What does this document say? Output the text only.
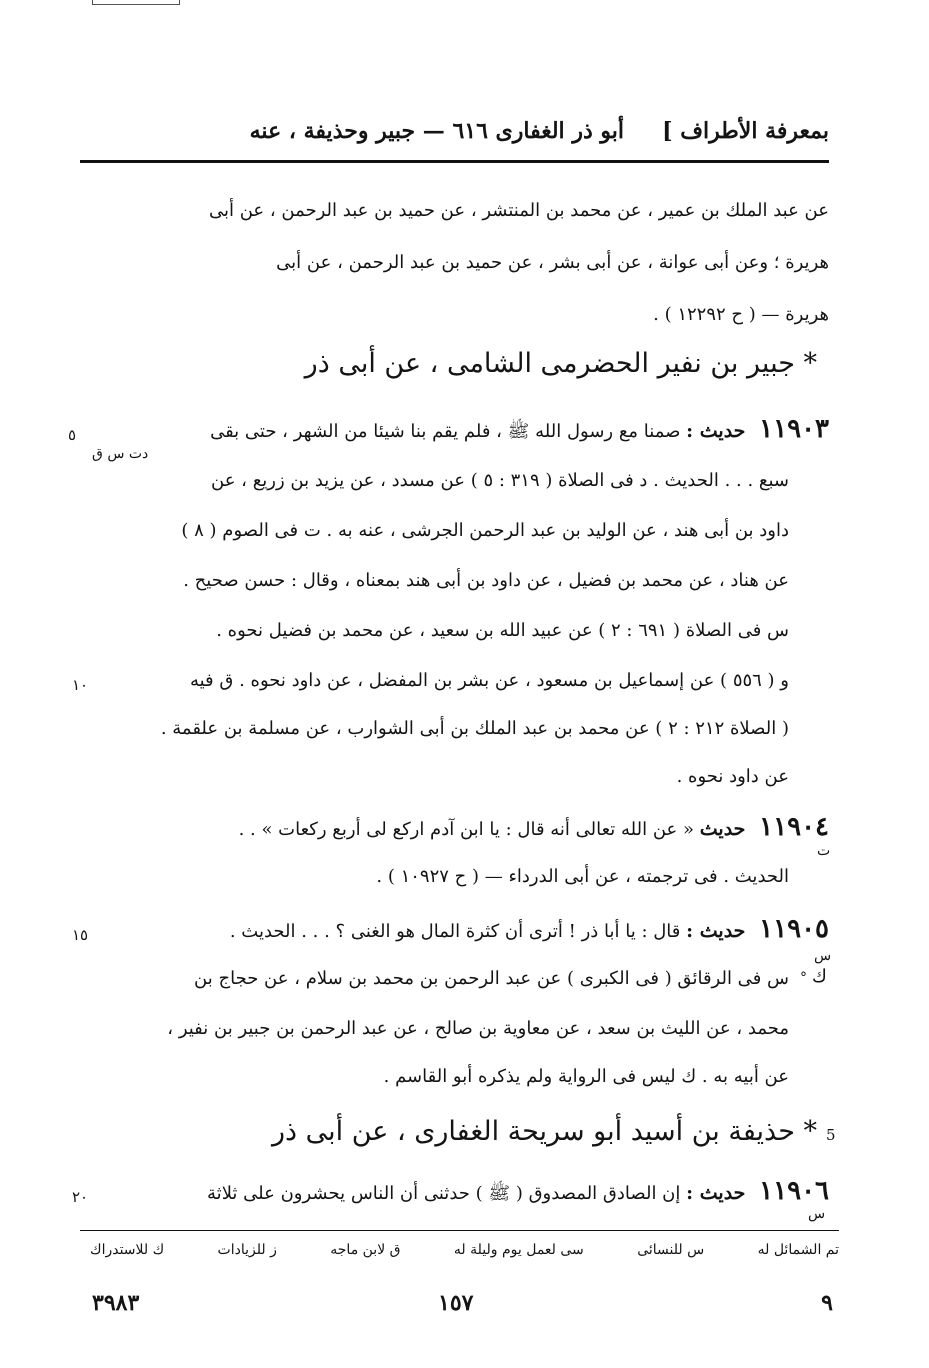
بمعرفة الأطراف ]
أبو ذر الغفارى ٦١٦ — جبير وحذيفة ، عنه
عن عبد الملك بن عمير ، عن محمد بن المنتشر ، عن حميد بن عبد الرحمن ، عن أبى
هريرة ؛ وعن أبى عوانة ، عن أبى بشر ، عن حميد بن عبد الرحمن ، عن أبى
هريرة — ( ح ١٢٢٩٢ ) .
* جبير بن نفير الحضرمى الشامى ، عن أبى ذر
١١٩٠٣ حديث : صمنا مع رسول الله ﷺ ، فلم يقم بنا شيئا من الشهر ، حتى بقى
سبع . . . الحديث . د فى الصلاة ( ٣١٩ : ٥ ) عن مسدد ، عن يزيد بن زريع ، عن
داود بن أبى هند ، عن الوليد بن عبد الرحمن الجرشى ، عنه به . ت فى الصوم ( ٨ )
عن هناد ، عن محمد بن فضيل ، عن داود بن أبى هند بمعناه ، وقال : حسن صحيح .
س فى الصلاة ( ٦٩١ : ٢ ) عن عبيد الله بن سعيد ، عن محمد بن فضيل نحوه .
و ( ٥٥٦ ) عن إسماعيل بن مسعود ، عن بشر بن المفضل ، عن داود نحوه . ق فيه
( الصلاة ٢١٢ : ٢ ) عن محمد بن عبد الملك بن أبى الشوارب ، عن مسلمة بن علقمة .
عن داود نحوه .
١١٩٠٤ حديث « عن الله تعالى أنه قال : يا ابن آدم اركع لى أربع ركعات » . .
الحديث . فى ترجمته ، عن أبى الدرداء — ( ح ١٠٩٢٧ ) .
١١٩٠٥ حديث : قال : يا أبا ذر ! أترى أن كثرة المال هو الغنى ؟ . . . الحديث .
س فى الرقائق ( فى الكبرى ) عن عبد الرحمن بن محمد بن سلام ، عن حجاج بن
محمد ، عن الليث بن سعد ، عن معاوية بن صالح ، عن عبد الرحمن بن جبير بن نفير ،
عن أبيه به . ك ليس فى الرواية ولم يذكره أبو القاسم .
* حذيفة بن أسيد أبو سريحة الغفارى ، عن أبى ذر
١١٩٠٦ حديث : إن الصادق المصدوق ( ﷺ ) حدثنى أن الناس يحشرون على ثلاثة
٥
١٠
١٥
٢٠
5
دت س ق
ت
س
ك
°
س
تم الشمائل له
س للنسائى
سى لعمل يوم وليلة له
ق لابن ماجه
ز للزيادات
ك للاستدراك
٩
١٥٧
٣٩٨٣
